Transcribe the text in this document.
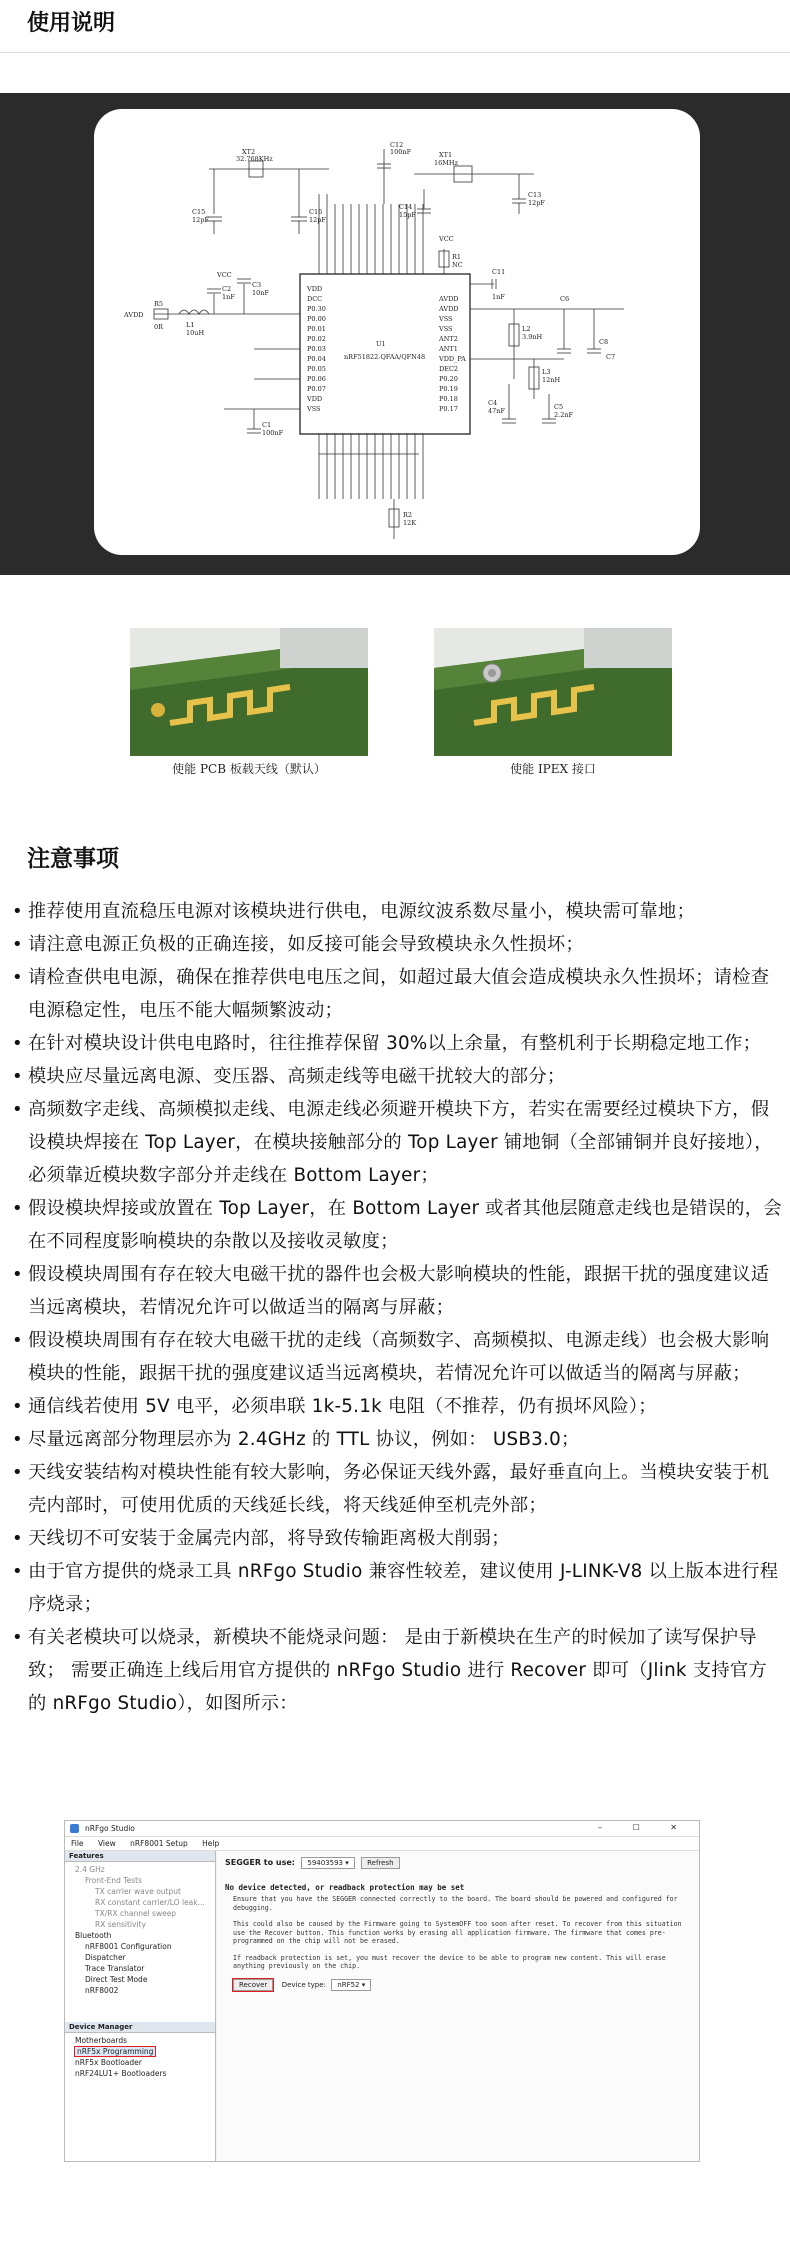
使用说明
VDD
DCC
P0.30
P0.00
P0.01
P0.02
P0.03
P0.04
P0.05
P0.06
P0.07
VDD
VSS
AVDD
AVDD
VSS
VSS
ANT2
ANT1
VDD_PA
DEC2
P0.20
P0.19
P0.18
P0.17
U1
nRF51822-QFAA/QFN48
XT2
32.768KHz	XT1
16MHz
C12
100nF
C15
12pF
C16
12pF
C13
12pF
C14
15pF
VCC
R1
NC
C11
1nF	C6
C8
L2
3.9nH
L3
12nH
C4
47nF	C5
2.2nF
C7
VCC
C2
1nF
C3
10nF
L1
10uH
R5
0R
AVDD
C1
100nF
R2
12K
使能 PCB 板载天线（默认）	使能 IPEX 接口
注意事项
• 推荐使用直流稳压电源对该模块进行供电，电源纹波系数尽量小，模块需可靠地；
• 请注意电源正负极的正确连接，如反接可能会导致模块永久性损坏；
• 请检查供电电源，确保在推荐供电电压之间，如超过最大值会造成模块永久性损坏；请检查电源稳定性，电压不能大幅频繁波动；
• 在针对模块设计供电电路时，往往推荐保留 30%以上余量，有整机利于长期稳定地工作；
• 模块应尽量远离电源、变压器、高频走线等电磁干扰较大的部分；
• 高频数字走线、高频模拟走线、电源走线必须避开模块下方，若实在需要经过模块下方，假设模块焊接在 Top Layer，在模块接触部分的 Top Layer 铺地铜（全部铺铜并良好接地），必须靠近模块数字部分并走线在 Bottom Layer；
• 假设模块焊接或放置在 Top Layer，在 Bottom Layer 或者其他层随意走线也是错误的，会在不同程度影响模块的杂散以及接收灵敏度；
• 假设模块周围有存在较大电磁干扰的器件也会极大影响模块的性能，跟据干扰的强度建议适当远离模块，若情况允许可以做适当的隔离与屏蔽；
• 假设模块周围有存在较大电磁干扰的走线（高频数字、高频模拟、电源走线）也会极大影响模块的性能，跟据干扰的强度建议适当远离模块，若情况允许可以做适当的隔离与屏蔽；
• 通信线若使用 5V 电平，必须串联 1k-5.1k 电阻（不推荐，仍有损坏风险）；
• 尽量远离部分物理层亦为 2.4GHz 的 TTL 协议，例如： USB3.0；
• 天线安装结构对模块性能有较大影响，务必保证天线外露，最好垂直向上。当模块安装于机壳内部时，可使用优质的天线延长线，将天线延伸至机壳外部；
• 天线切不可安装于金属壳内部，将导致传输距离极大削弱；
• 由于官方提供的烧录工具 nRFgo Studio 兼容性较差，建议使用 J-LINK-V8 以上版本进行程序烧录；
• 有关老模块可以烧录，新模块不能烧录问题： 是由于新模块在生产的时候加了读写保护导致； 需要正确连上线后用官方提供的 nRFgo Studio 进行 Recover 即可（Jlink 支持官方的 nRFgo Studio），如图所示：
nRFgo Studio	– ☐ ✕
File View nRF8001 Setup Help
Features
2.4 GHz
Front-End Tests
TX carrier wave output
RX constant carrier/LO leak...
TX/RX channel sweep
RX sensitivity
Bluetooth
nRF8001 Configuration
Dispatcher
Trace Translator
Direct Test Mode
nRF8002
Device Manager
Motherboards
nRF5x Programming
nRF5x Bootloader
nRF24LU1+ Bootloaders
SEGGER to use: 59403593 ▾	Refresh
No device detected, or readback protection may be set

Ensure that you have the SEGGER connected correctly to the board. The board should be powered and configured for debugging.

This could also be caused by the Firmware going to SystemOFF too soon after reset. To recover from this situation use the Recover button. This function works by erasing all application firmware. The firmware that comes pre-programmed on the chip will not be erased.

If readback protection is set, you must recover the device to be able to program new content. This will erase anything previously on the chip.

Recover Device type: nRF52 ▾
